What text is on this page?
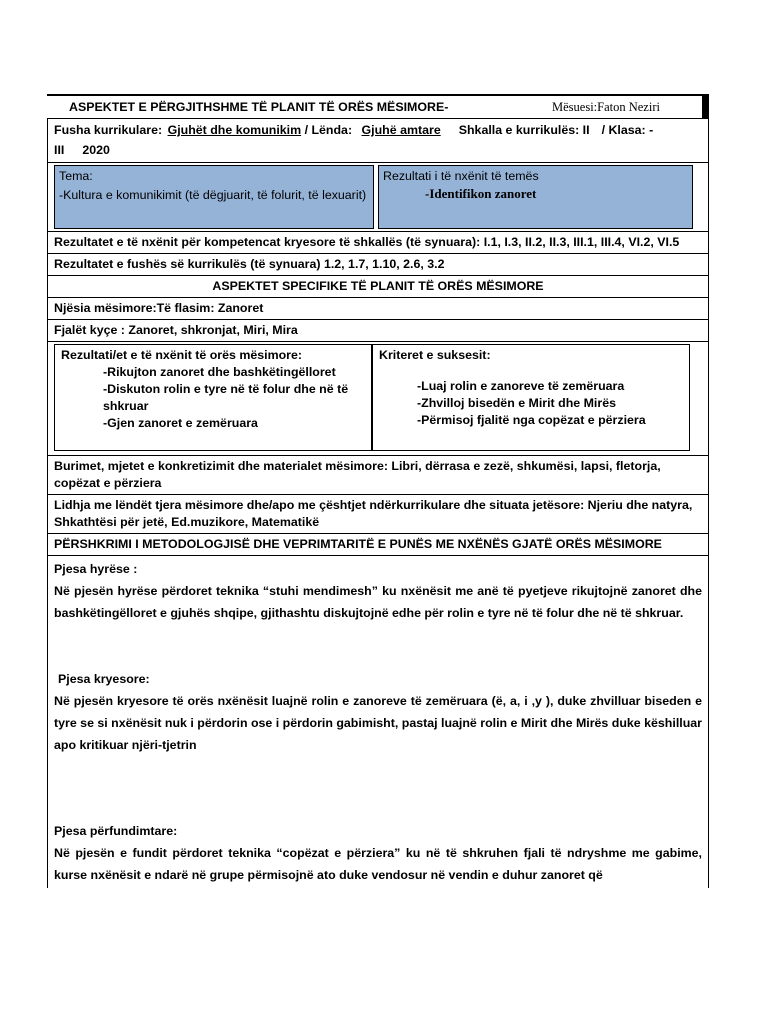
ASPEKTET E PËRGJITHSHME TË PLANIT TË ORËS MËSIMORE-	Mësuesi:Faton Neziri
Fusha kurrikulare: Gjuhët dhe komunikim / Lënda: Gjuhë amtare Shkalla e kurrikulës: II / Klasa: -
III 2020
Tema:
-Kultura e komunikimit (të dëgjuarit, të folurit, të lexuarit)
Rezultati i të nxënit të temës
-Identifikon zanoret
Rezultatet e të nxënit për kompetencat kryesore të shkallës (të synuara): I.1, I.3, II.2, II.3, III.1, III.4, VI.2, VI.5
Rezultatet e fushës së kurrikulës (të synuara) 1.2, 1.7, 1.10, 2.6, 3.2
ASPEKTET SPECIFIKE TË PLANIT TË ORËS MËSIMORE
Njësia mësimore:Të flasim: Zanoret
Fjalët kyçe : Zanoret, shkronjat, Miri, Mira
Rezultati/et e të nxënit të orës mësimore:
-Rikujton zanoret dhe bashkëtingëlloret
-Diskuton rolin e tyre në të folur dhe në të shkruar
-Gjen zanoret e zemëruara
Kriteret e suksesit:
-Luaj rolin e zanoreve të zemëruara
-Zhvilloj bisedën e Mirit dhe Mirës
-Përmisoj fjalitë nga copëzat e përziera
Burimet, mjetet e konkretizimit dhe materialet mësimore: Libri, dërrasa e zezë, shkumësi, lapsi, fletorja, copëzat e përziera
Lidhja me lëndët tjera mësimore dhe/apo me çështjet ndërkurrikulare dhe situata jetësore: Njeriu dhe natyra, Shkathtësi për jetë, Ed.muzikore, Matematikë
PËRSHKRIMI I METODOLOGJISË DHE VEPRIMTARITË E PUNËS ME NXËNËS GJATË ORËS MËSIMORE
Pjesa hyrëse :
Në pjesën hyrëse përdoret teknika “stuhi mendimesh” ku nxënësit me anë të pyetjeve rikujtojnë zanoret dhe bashkëtingëlloret e gjuhës shqipe, gjithashtu diskujtojnë edhe për rolin e tyre në të folur dhe në të shkruar.
Pjesa kryesore:
Në pjesën kryesore të orës nxënësit luajnë rolin e zanoreve të zemëruara (ë, a, i ,y ), duke zhvilluar biseden e tyre se si nxënësit nuk i përdorin ose i përdorin gabimisht, pastaj luajnë rolin e Mirit dhe Mirës duke këshilluar apo kritikuar njëri-tjetrin
Pjesa përfundimtare:
Në pjesën e fundit përdoret teknika “copëzat e përziera” ku në të shkruhen fjali të ndryshme me gabime, kurse nxënësit e ndarë në grupe përmisojnë ato duke vendosur në vendin e duhur zanoret që
